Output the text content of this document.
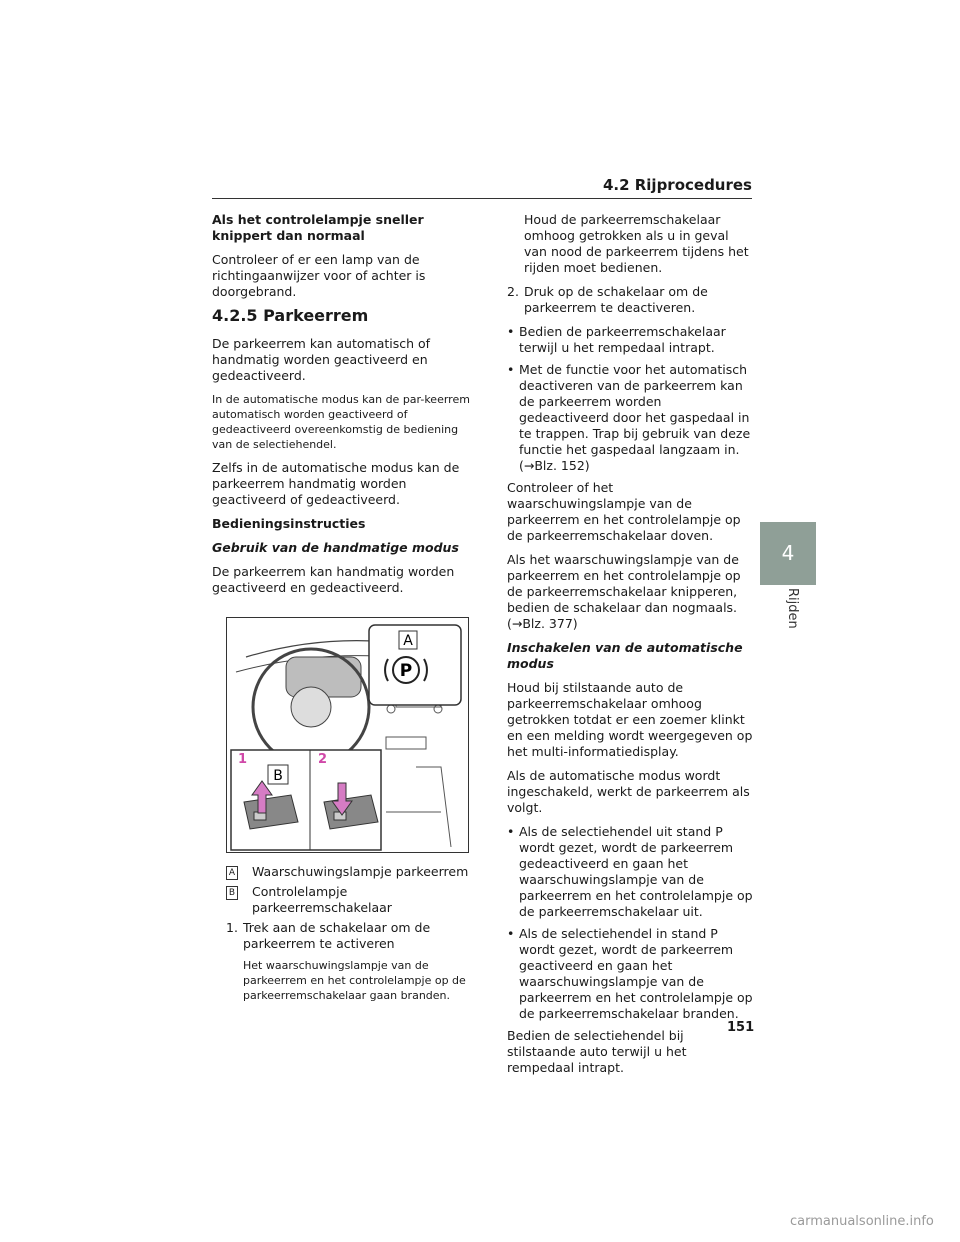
4.2 Rijprocedures
4
Rijden

Als het controlelampje sneller knippert dan normaal

Controleer of er een lamp van de richtingaanwijzer voor of achter is doorgebrand.

4.2.5 Parkeerrem

De parkeerrem kan automatisch of handmatig worden geactiveerd en gedeactiveerd.

In de automatische modus kan de par-keerrem automatisch worden geactiveerd of gedeactiveerd overeenkomstig de bediening van de selectiehendel.

Zelfs in de automatische modus kan de parkeerrem handmatig worden geactiveerd of gedeactiveerd.

Bedieningsinstructies

Gebruik van de handmatige modus

De parkeerrem kan handmatig worden geactiveerd en gedeactiveerd.

A
P
1	2
B
A Waarschuwingslampje parkeerrem
B Controlelampje parkeerremschakelaar
1. Trek aan de schakelaar om de parkeerrem te activeren

Het waarschuwingslampje van de parkeerrem en het controlelampje op de parkeerremschakelaar gaan branden.

Houd de parkeerremschakelaar omhoog getrokken als u in geval van nood de parkeerrem tijdens het rijden moet bedienen.

2. Druk op de schakelaar om de parkeerrem te deactiveren.
• Bedien de parkeerremschakelaar terwijl u het rempedaal intrapt.
• Met de functie voor het automatisch deactiveren van de parkeerrem kan de parkeerrem worden gedeactiveerd door het gaspedaal in te trappen. Trap bij gebruik van deze functie het gaspedaal langzaam in. (→Blz. 152)

Controleer of het waarschuwingslampje van de parkeerrem en het controlelampje op de parkeerremschakelaar doven.

Als het waarschuwingslampje van de parkeerrem en het controlelampje op de parkeerremschakelaar knipperen, bedien de schakelaar dan nogmaals. (→Blz. 377)

Inschakelen van de automatische modus

Houd bij stilstaande auto de parkeerremschakelaar omhoog getrokken totdat er een zoemer klinkt en een melding wordt weergegeven op het multi-informatiedisplay.

Als de automatische modus wordt ingeschakeld, werkt de parkeerrem als volgt.

• Als de selectiehendel uit stand P wordt gezet, wordt de parkeerrem gedeactiveerd en gaan het waarschuwingslampje van de parkeerrem en het controlelampje op de parkeerremschakelaar uit.
• Als de selectiehendel in stand P wordt gezet, wordt de parkeerrem geactiveerd en gaan het waarschuwingslampje van de parkeerrem en het controlelampje op de parkeerremschakelaar branden.

Bedien de selectiehendel bij stilstaande auto terwijl u het rempedaal intrapt.

151
carmanualsonline.info
